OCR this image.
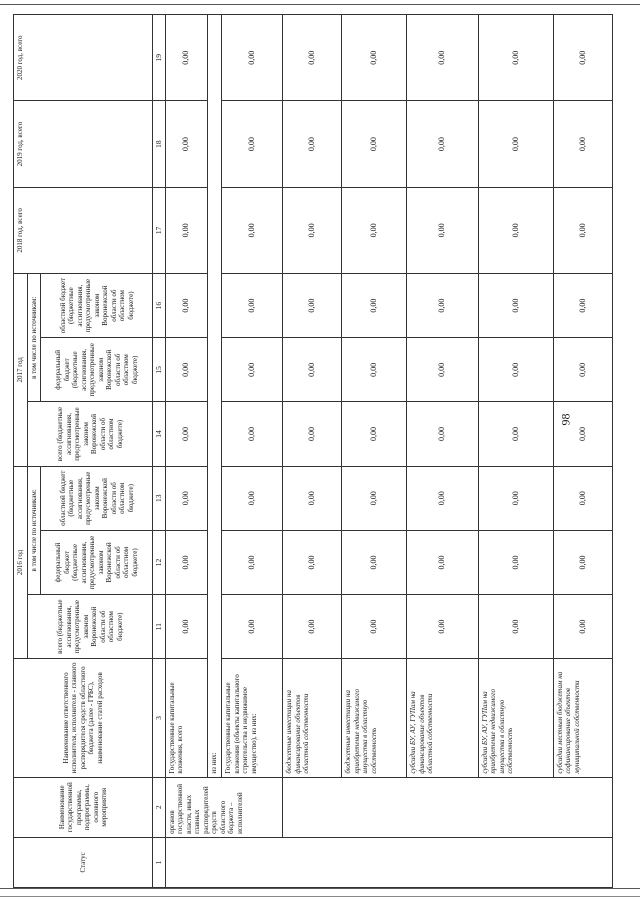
98
Статус	Наименование государственной программы, подпрограммы, основного мероприятия	Наименование ответственного исполнителя, исполнителя - главного распорядителя средств областного бюджета (далее - ГРБС), наименование статей расходов	2016 год			2017 год			2018 год, всего	2019 год, всего	2020 год, всего
			всего (бюджетные ассигнования, предусмотренные законом Воронежской области об областном бюджете)	в том числе по источникам:		всего (бюджетные ассигнования, предусмотренные законом Воронежской области об областном бюджете)	в том числе по источникам:				
				федеральный бюджет (бюджетные ассигнования, предусмотренные законом Воронежской области об областном бюджете)	областной бюджет (бюджетные ассигнования, предусмотренные законом Воронежской области об областном бюджете)		федеральный бюджет (бюджетные ассигнования, предусмотренные законом Воронежской области об областном бюджете)	областной бюджет (бюджетные ассигнования, предусмотренные законом Воронежской области об областном бюджете)			
1	2	3	11	12	13	14	15	16	17	18	19
	органов государственной власти, иных главных распорядителей средств областного бюджета – исполнителей	Государственные капитальные вложения, всего	0,00	0,00	0,00	0,00	0,00	0,00	0,00	0,00	0,00
		из них:									
		Государственные капитальные вложения (объекты капитального строительства и недвижимое имущество), из них:	0,00	0,00	0,00	0,00	0,00	0,00	0,00	0,00	0,00
		бюджетные инвестиции на финансирование объектов областной собственности	0,00	0,00	0,00	0,00	0,00	0,00	0,00	0,00	0,00
		бюджетные инвестиции на приобретение недвижимого имущества в областную собственность	0,00	0,00	0,00	0,00	0,00	0,00	0,00	0,00	0,00
		субсидии БУ, АУ, ГУПам на финансирование объектов областной собственности	0,00	0,00	0,00	0,00	0,00	0,00	0,00	0,00	0,00
		субсидии БУ, АУ, ГУПам на приобретение недвижимого имущества в областную собственность	0,00	0,00	0,00	0,00	0,00	0,00	0,00	0,00	0,00
		субсидии местным бюджетам на софинансирование объектов муниципальной собственности	0,00	0,00	0,00	0,00	0,00	0,00	0,00	0,00	0,00
